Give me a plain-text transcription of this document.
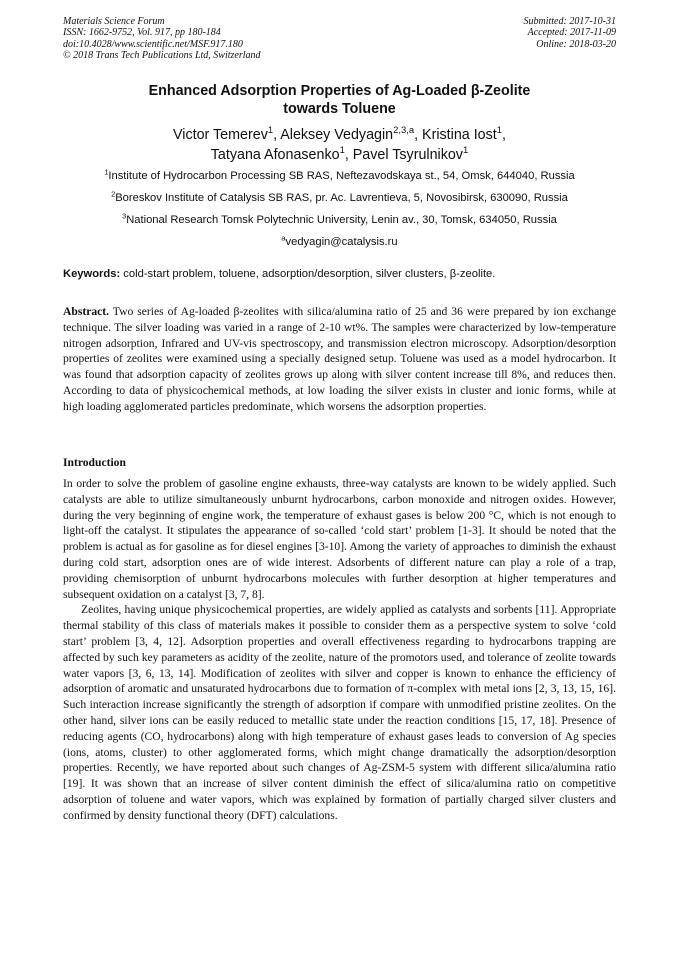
Materials Science Forum
ISSN: 1662-9752, Vol. 917, pp 180-184
doi:10.4028/www.scientific.net/MSF.917.180
© 2018 Trans Tech Publications Ltd, Switzerland
Submitted: 2017-10-31
Accepted: 2017-11-09
Online: 2018-03-20
Enhanced Adsorption Properties of Ag-Loaded β-Zeolite
towards Toluene
Victor Temerev$^1$, Aleksey Vedyagin$^{2,3,a}$, Kristina Iost$^1$,
Tatyana Afonasenko$^1$, Pavel Tsyrulnikov$^1$
$^1$Institute of Hydrocarbon Processing SB RAS, Neftezavodskaya st., 54, Omsk, 644040, Russia
$^2$Boreskov Institute of Catalysis SB RAS, pr. Ac. Lavrentieva, 5, Novosibirsk, 630090, Russia
$^3$National Research Tomsk Polytechnic University, Lenin av., 30, Tomsk, 634050, Russia
$^a$vedyagin@catalysis.ru
Keywords: cold-start problem, toluene, adsorption/desorption, silver clusters, β-zeolite.
Abstract. Two series of Ag-loaded β-zeolites with silica/alumina ratio of 25 and 36 were prepared by ion exchange technique. The silver loading was varied in a range of 2-10 wt%. The samples were characterized by low-temperature nitrogen adsorption, Infrared and UV-vis spectroscopy, and transmission electron microscopy. Adsorption/desorption properties of zeolites were examined using a specially designed setup. Toluene was used as a model hydrocarbon. It was found that adsorption capacity of zeolites grows up along with silver content increase till 8%, and reduces then. According to data of physicochemical methods, at low loading the silver exists in cluster and ionic forms, while at high loading agglomerated particles predominate, which worsens the adsorption properties.
Introduction

In order to solve the problem of gasoline engine exhausts, three-way catalysts are known to be widely applied. Such catalysts are able to utilize simultaneously unburnt hydrocarbons, carbon monoxide and nitrogen oxides. However, during the very beginning of engine work, the temperature of exhaust gases is below 200 °C, which is not enough to light-off the catalyst. It stipulates the appearance of so-called ‘cold start’ problem [1-3]. It should be noted that the problem is actual as for gasoline as for diesel engines [3-10]. Among the variety of approaches to diminish the exhaust during cold start, adsorption ones are of wide interest. Adsorbents of different nature can play a role of a trap, providing chemisorption of unburnt hydrocarbons molecules with further desorption at higher temperatures and subsequent oxidation on a catalyst [3, 7, 8].

Zeolites, having unique physicochemical properties, are widely applied as catalysts and sorbents [11]. Appropriate thermal stability of this class of materials makes it possible to consider them as a perspective system to solve ‘cold start’ problem [3, 4, 12]. Adsorption properties and overall effectiveness regarding to hydrocarbons trapping are affected by such key parameters as acidity of the zeolite, nature of the promotors used, and tolerance of zeolite towards water vapors [3, 6, 13, 14]. Modification of zeolites with silver and copper is known to enhance the efficiency of adsorption of aromatic and unsaturated hydrocarbons due to formation of π-complex with metal ions [2, 3, 13, 15, 16]. Such interaction increase significantly the strength of adsorption if compare with unmodified pristine zeolites. On the other hand, silver ions can be easily reduced to metallic state under the reaction conditions [15, 17, 18]. Presence of reducing agents (CO, hydrocarbons) along with high temperature of exhaust gases leads to conversion of Ag species (ions, atoms, cluster) to other agglomerated forms, which might change dramatically the adsorption/desorption properties. Recently, we have reported about such changes of Ag-ZSM-5 system with different silica/alumina ratio [19]. It was shown that an increase of silver content diminish the effect of silica/alumina ratio on competitive adsorption of toluene and water vapors, which was explained by formation of partially charged silver clusters and confirmed by density functional theory (DFT) calculations.
